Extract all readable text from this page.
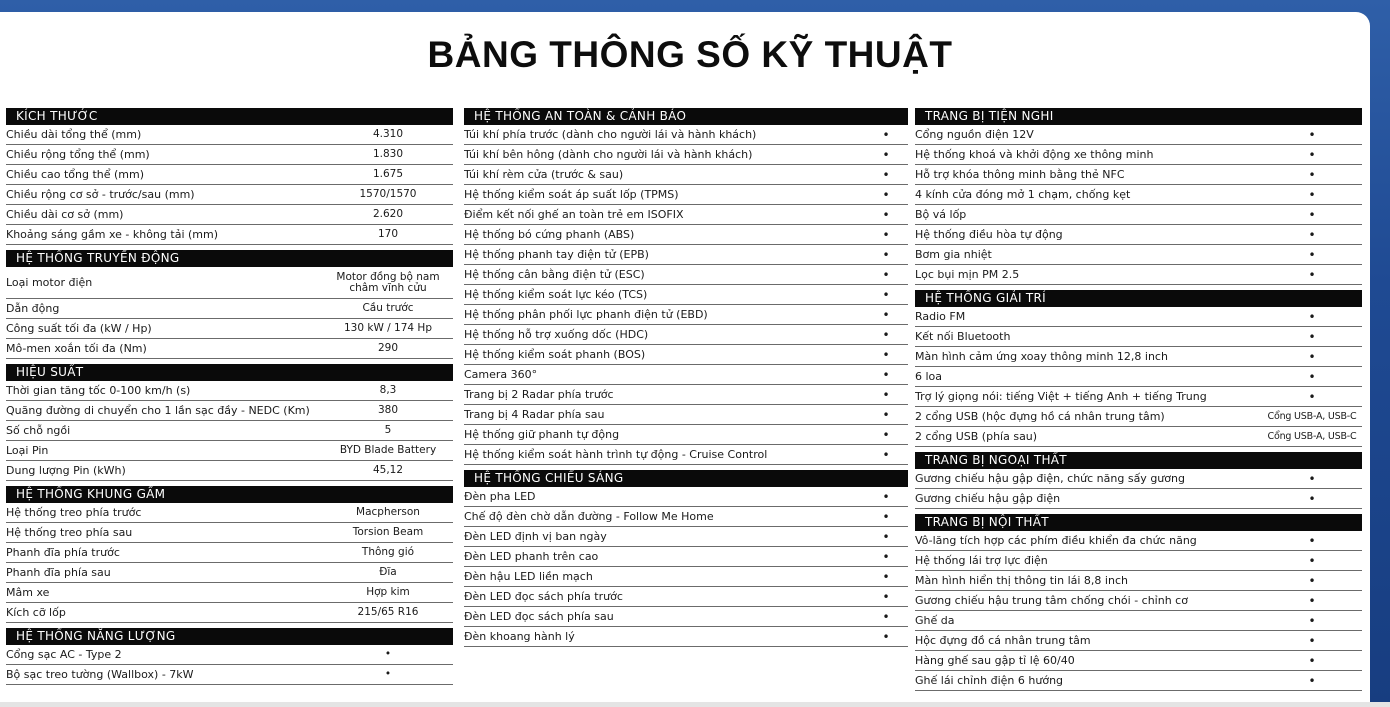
BẢNG THÔNG SỐ KỸ THUẬT
KÍCH THƯỚC
Chiều dài tổng thể (mm)	4.310
Chiều rộng tổng thể (mm)	1.830
Chiều cao tổng thể (mm)	1.675
Chiều rộng cơ sở - trước/sau (mm)	1570/1570
Chiều dài cơ sở (mm)	2.620
Khoảng sáng gầm xe - không tải (mm)	170
HỆ THỐNG TRUYỀN ĐỘNG
Loại motor điện	Motor đồng bộ nam châm vĩnh cửu
Dẫn động	Cầu trước
Công suất tối đa (kW / Hp)	130 kW / 174 Hp
Mô-men xoắn tối đa (Nm)	290
HIỆU SUẤT
Thời gian tăng tốc 0-100 km/h (s)	8,3
Quãng đường di chuyển cho 1 lần sạc đầy - NEDC (Km)	380
Số chỗ ngồi	5
Loại Pin	BYD Blade Battery
Dung lượng Pin (kWh)	45,12
HỆ THỐNG KHUNG GẦM
Hệ thống treo phía trước	Macpherson
Hệ thống treo phía sau	Torsion Beam
Phanh đĩa phía trước	Thông gió
Phanh đĩa phía sau	Đĩa
Mâm xe	Hợp kim
Kích cỡ lốp	215/65 R16
HỆ THỐNG NĂNG LƯỢNG
Cổng sạc AC - Type 2	•
Bộ sạc treo tường (Wallbox) - 7kW	•
HỆ THỐNG AN TOÀN & CẢNH BÁO
Túi khí phía trước (dành cho người lái và hành khách)	•
Túi khí bên hông (dành cho người lái và hành khách)	•
Túi khí rèm cửa (trước & sau)	•
Hệ thống kiểm soát áp suất lốp (TPMS)	•
Điểm kết nối ghế an toàn trẻ em ISOFIX	•
Hệ thống bó cứng phanh (ABS)	•
Hệ thống phanh tay điện tử (EPB)	•
Hệ thống cân bằng điện tử (ESC)	•
Hệ thống kiểm soát lực kéo (TCS)	•
Hệ thống phân phối lực phanh điện tử (EBD)	•
Hệ thống hỗ trợ xuống dốc (HDC)	•
Hệ thống kiểm soát phanh (BOS)	•
Camera 360°	•
Trang bị 2 Radar phía trước	•
Trang bị 4 Radar phía sau	•
Hệ thống giữ phanh tự động	•
Hệ thống kiểm soát hành trình tự động - Cruise Control	•
HỆ THỐNG CHIẾU SÁNG
Đèn pha LED	•
Chế độ đèn chờ dẫn đường - Follow Me Home	•
Đèn LED định vị ban ngày	•
Đèn LED phanh trên cao	•
Đèn hậu LED liền mạch	•
Đèn LED đọc sách phía trước	•
Đèn LED đọc sách phía sau	•
Đèn khoang hành lý	•
TRANG BỊ TIỆN NGHI
Cổng nguồn điện 12V	•
Hệ thống khoá và khởi động xe thông minh	•
Hỗ trợ khóa thông minh bằng thẻ NFC	•
4 kính cửa đóng mở 1 chạm, chống kẹt	•
Bộ vá lốp	•
Hệ thống điều hòa tự động	•
Bơm gia nhiệt	•
Lọc bụi mịn PM 2.5	•
HỆ THỐNG GIẢI TRÍ
Radio FM	•
Kết nối Bluetooth	•
Màn hình cảm ứng xoay thông minh 12,8 inch	•
6 loa	•
Trợ lý giọng nói: tiếng Việt + tiếng Anh + tiếng Trung	•
2 cổng USB (hộc đựng hồ cá nhân trung tâm)	Cổng USB-A, USB-C
2 cổng USB (phía sau)	Cổng USB-A, USB-C
TRANG BỊ NGOẠI THẤT
Gương chiếu hậu gập điện, chức năng sấy gương	•
Gương chiếu hậu gập điện	•
TRANG BỊ NỘI THẤT
Vô-lăng tích hợp các phím điều khiển đa chức năng	•
Hệ thống lái trợ lực điện	•
Màn hình hiển thị thông tin lái 8,8 inch	•
Gương chiếu hậu trung tâm chống chói - chỉnh cơ	•
Ghế da	•
Hộc đựng đồ cá nhân trung tâm	•
Hàng ghế sau gập tỉ lệ 60/40	•
Ghế lái chỉnh điện 6 hướng	•
